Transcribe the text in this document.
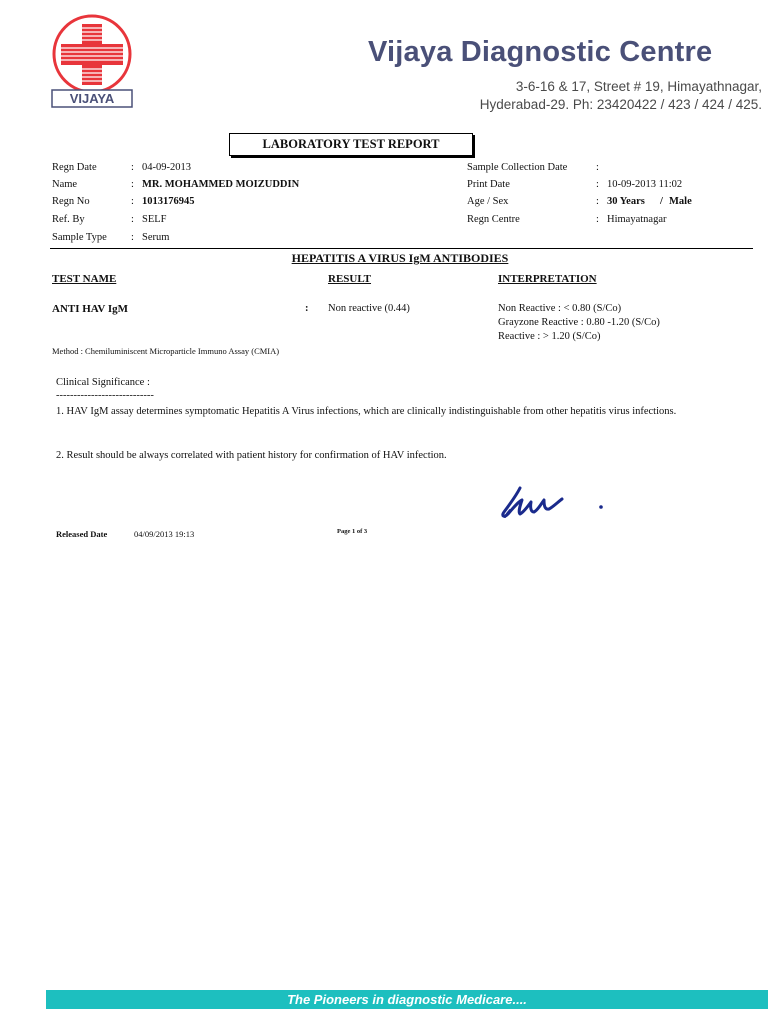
VIJAYA
Vijaya Diagnostic Centre
3-6-16 & 17, Street # 19, Himayathnagar,
Hyderabad-29. Ph: 23420422 / 423 / 424 / 425.
LABORATORY TEST REPORT
Regn Date	: 04-09-2013
Name	: MR. MOHAMMED MOIZUDDIN
Regn No	: 1013176945
Ref. By	: SELF
Sample Type : Serum
Sample Collection Date	:
Print Date	: 10-09-2013 11:02
Age / Sex	: 30 Years / Male
Regn Centre	: Himayatnagar
HEPATITIS A VIRUS IgM ANTIBODIES
TEST NAME	RESULT	INTERPRETATION
ANTI HAV IgM	: Non reactive (0.44)	Non Reactive : < 0.80 (S/Co)
Grayzone Reactive : 0.80 -1.20 (S/Co)
Reactive : > 1.20 (S/Co)
Method : Chemiluminiscent Microparticle Immuno Assay (CMIA)
Clinical Significance :
----------------------------
1. HAV IgM assay determines symptomatic Hepatitis A Virus infections, which are clinically indistinguishable from other hepatitis virus infections.
2. Result should be always correlated with patient history for confirmation of HAV infection.
Released Date	04/09/2013 19:13	Page 1 of 3
The Pioneers in diagnostic Medicare....
